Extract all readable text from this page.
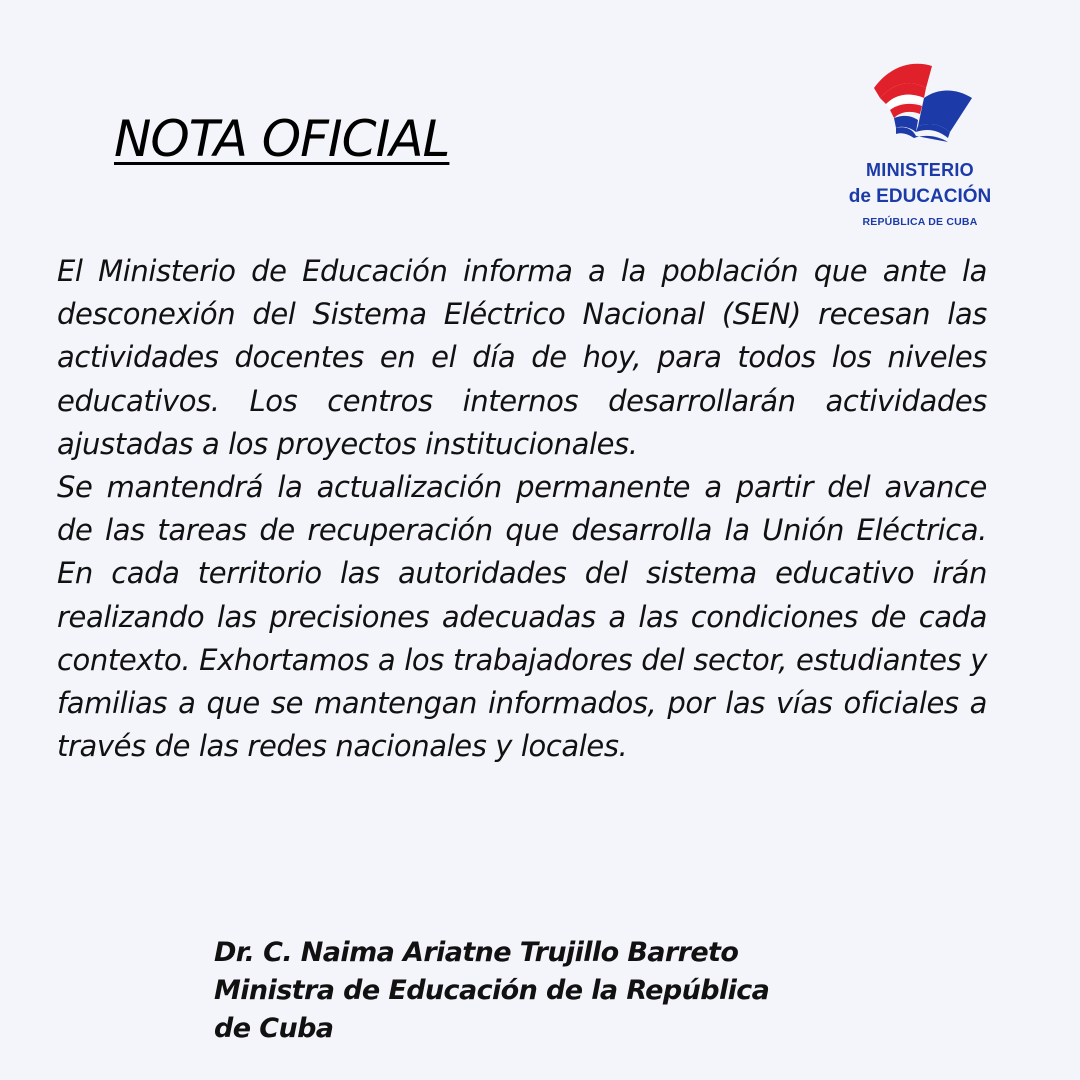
NOTA OFICIAL
MINISTERIO
de EDUCACIÓN
REPÚBLICA DE CUBA
El Ministerio de Educación informa a la población que ante la desconexión del Sistema Eléctrico Nacional (SEN) recesan las actividades docentes en el día de hoy, para todos los niveles educativos. Los centros internos desarrollarán actividades ajustadas a los proyectos institucionales.
Se mantendrá la actualización permanente a partir del avance de las tareas de recuperación que desarrolla la Unión Eléctrica. En cada territorio las autoridades del sistema educativo irán realizando las precisiones adecuadas a las condiciones de cada contexto. Exhortamos a los trabajadores del sector, estudiantes y familias a que se mantengan informados, por las vías oficiales a través de las redes nacionales y locales.
Dr. C. Naima Ariatne Trujillo Barreto
Ministra de Educación de la República
de Cuba
